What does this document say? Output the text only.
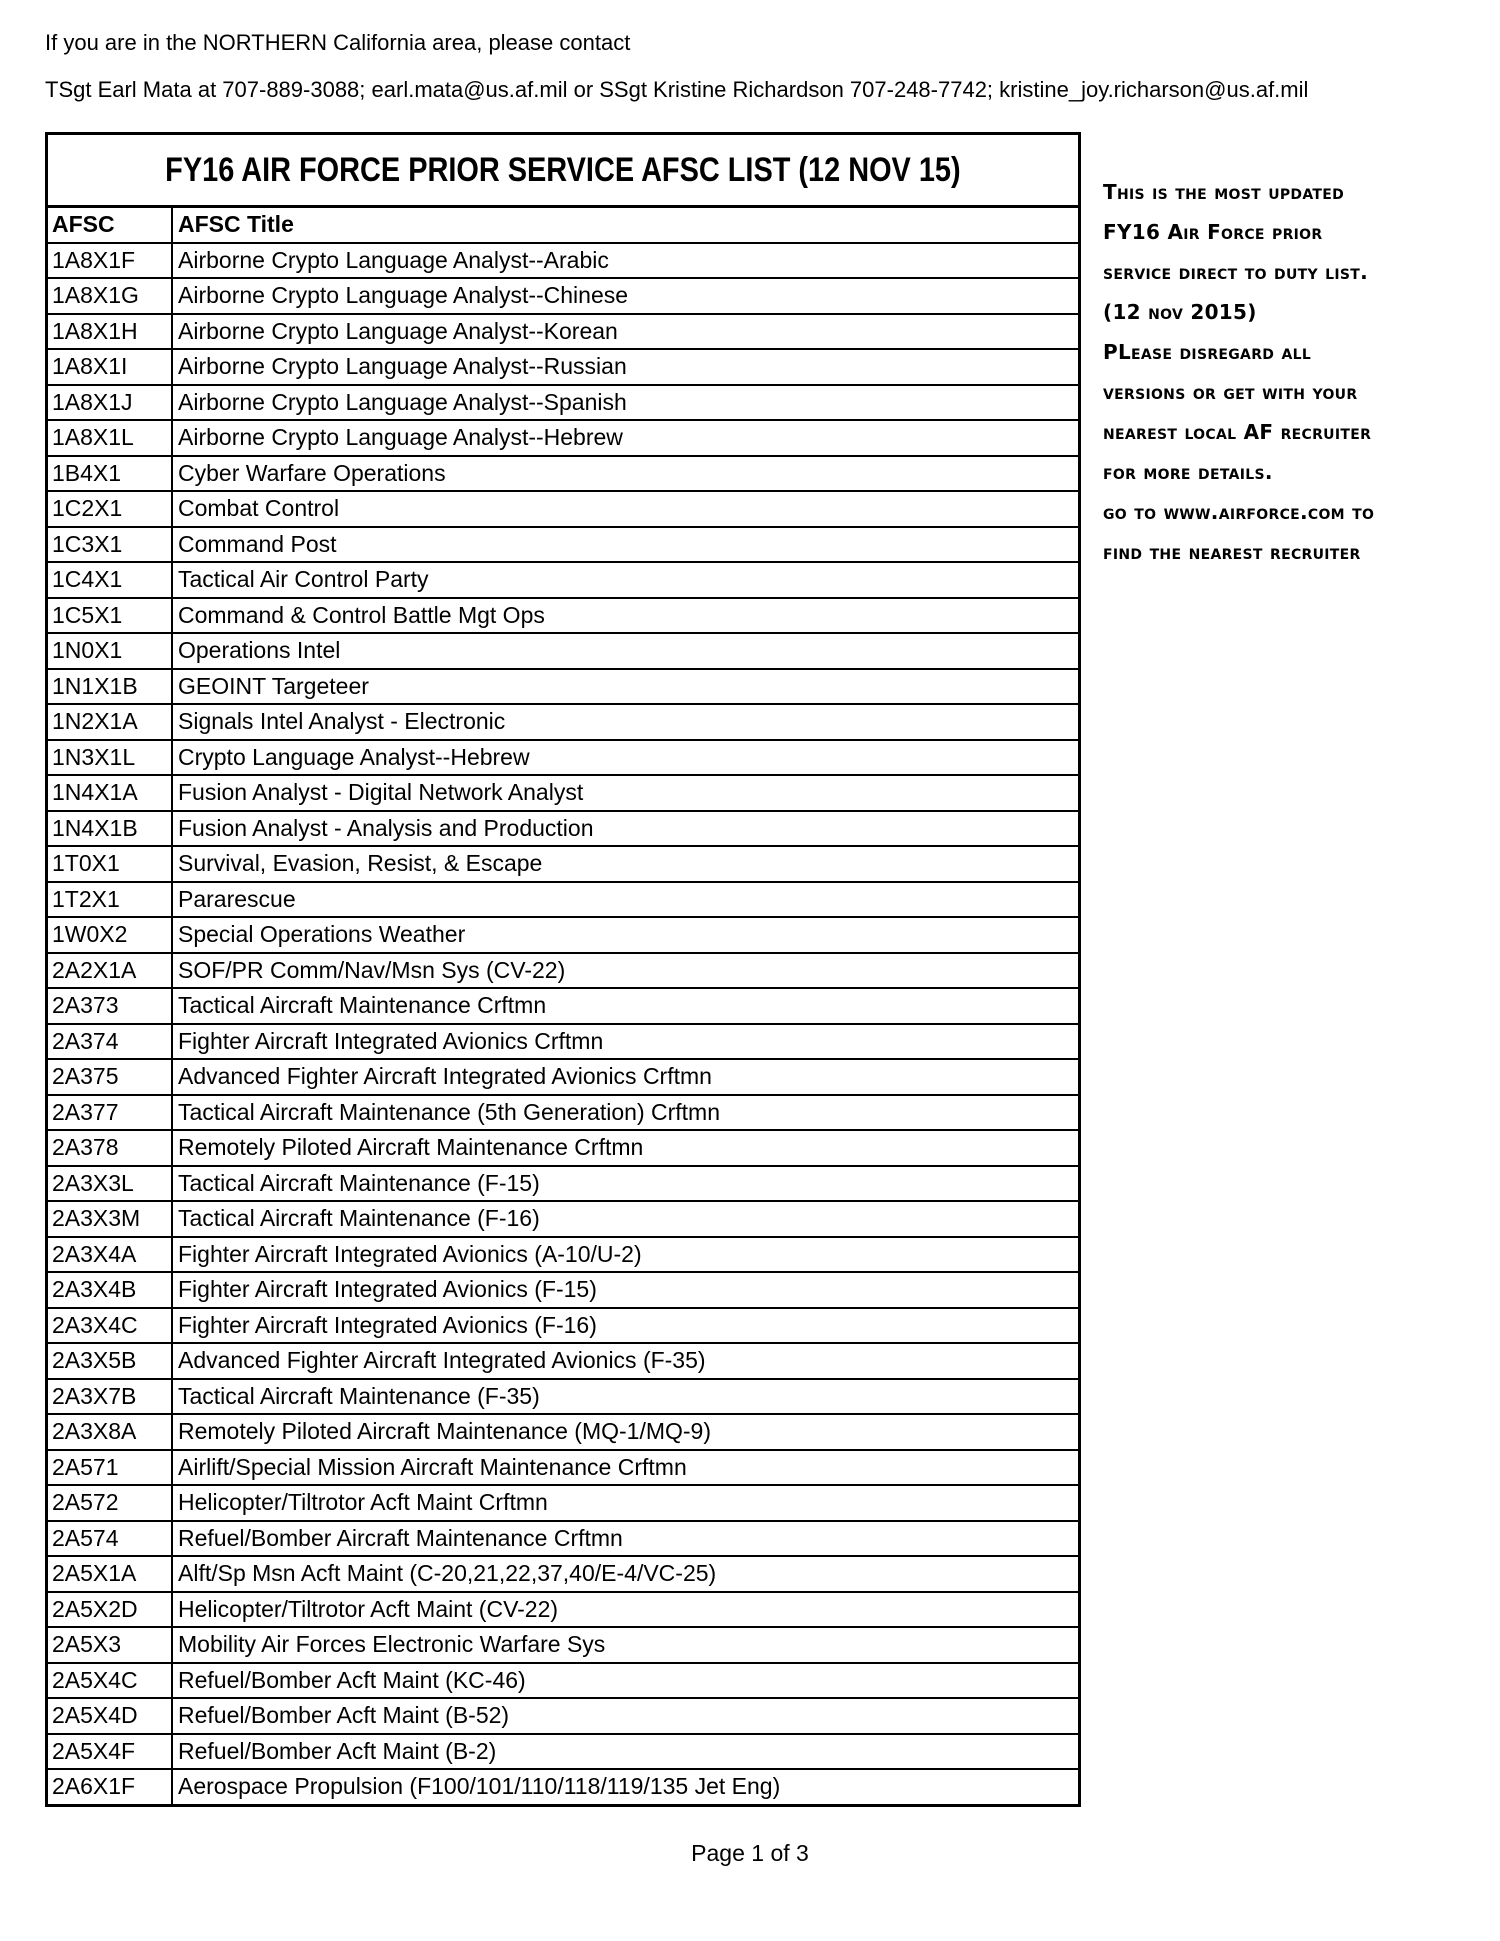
If you are in the NORTHERN California area, please contact
TSgt Earl Mata at 707-889-3088; earl.mata@us.af.mil or SSgt Kristine Richardson 707-248-7742; kristine_joy.richarson@us.af.mil
FY16 AIR FORCE PRIOR SERVICE AFSC LIST (12 NOV 15)
AFSC	AFSC Title
1A8X1F	Airborne Crypto Language Analyst--Arabic
1A8X1G	Airborne Crypto Language Analyst--Chinese
1A8X1H	Airborne Crypto Language Analyst--Korean
1A8X1I	Airborne Crypto Language Analyst--Russian
1A8X1J	Airborne Crypto Language Analyst--Spanish
1A8X1L	Airborne Crypto Language Analyst--Hebrew
1B4X1	Cyber Warfare Operations
1C2X1	Combat Control
1C3X1	Command Post
1C4X1	Tactical Air Control Party
1C5X1	Command & Control Battle Mgt Ops
1N0X1	Operations Intel
1N1X1B	GEOINT Targeteer
1N2X1A	Signals Intel Analyst - Electronic
1N3X1L	Crypto Language Analyst--Hebrew
1N4X1A	Fusion Analyst - Digital Network Analyst
1N4X1B	Fusion Analyst - Analysis and Production
1T0X1	Survival, Evasion, Resist, & Escape
1T2X1	Pararescue
1W0X2	Special Operations Weather
2A2X1A	SOF/PR Comm/Nav/Msn Sys (CV-22)
2A373	Tactical Aircraft Maintenance Crftmn
2A374	Fighter Aircraft Integrated Avionics Crftmn
2A375	Advanced Fighter Aircraft Integrated Avionics Crftmn
2A377	Tactical Aircraft Maintenance (5th Generation) Crftmn
2A378	Remotely Piloted Aircraft Maintenance Crftmn
2A3X3L	Tactical Aircraft Maintenance (F-15)
2A3X3M	Tactical Aircraft Maintenance (F-16)
2A3X4A	Fighter Aircraft Integrated Avionics (A-10/U-2)
2A3X4B	Fighter Aircraft Integrated Avionics (F-15)
2A3X4C	Fighter Aircraft Integrated Avionics (F-16)
2A3X5B	Advanced Fighter Aircraft Integrated Avionics (F-35)
2A3X7B	Tactical Aircraft Maintenance (F-35)
2A3X8A	Remotely Piloted Aircraft Maintenance (MQ-1/MQ-9)
2A571	Airlift/Special Mission Aircraft Maintenance Crftmn
2A572	Helicopter/Tiltrotor Acft Maint Crftmn
2A574	Refuel/Bomber Aircraft Maintenance Crftmn
2A5X1A	Alft/Sp Msn Acft Maint (C-20,21,22,37,40/E-4/VC-25)
2A5X2D	Helicopter/Tiltrotor Acft Maint (CV-22)
2A5X3	Mobility Air Forces Electronic Warfare Sys
2A5X4C	Refuel/Bomber Acft Maint (KC-46)
2A5X4D	Refuel/Bomber Acft Maint (B-52)
2A5X4F	Refuel/Bomber Acft Maint (B-2)
2A6X1F	Aerospace Propulsion (F100/101/110/118/119/135 Jet Eng)
This is the most updated
FY16 Air Force prior
service direct to duty list.
(12 nov 2015)
PLease disregard all
versions or get with your
nearest local AF recruiter
for more details.
go to www.airforce.com to
find the nearest recruiter
Page 1 of 3
